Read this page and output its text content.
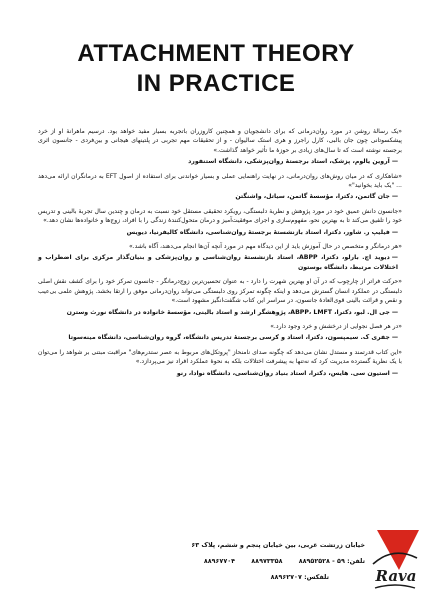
ATTACHMENT THEORY
IN PRACTICE

«یک رسالهٔ روشن در مورد روان‌درمانی که برای دانشجویان و همچنین کاروزران باتجربه بسیار مفید خواهد بود. درسیم ماهرانهٔ او از خرد پیشکسوتانی چون جان بالبی، کارل راجرز و هری استک سالیوان - و از تحقیقات مهم تجربی در پلتینهای هیجانی و بین‌فردی - جانسون اثری برجسته نوشته است که تا سال‌های زیادی بر حوزهٔ ما تأثیر خواهد گذاشت.»

—آروین یالوم، پزشک، استاد برجستهٔ روان‌پزشکی، دانشگاه استنفورد

«شاهکاری که در میان روش‌های روان‌درمانی، در نهایت راهنمایی عملی و بسیار خواندنی برای استفاده از اصول EFT به درمانگران ارائه می‌دهد ... "یک باید بخوانید"»

—جان گاتمن، دکترا، مؤسسهٔ گاتمن، سیاتل، واشنگتن

«جانسون دانش عمیق خود در مورد پژوهش و نظریهٔ دلبستگی، رویکرد تحقیقی مستقل خود نسبت به درمان و چندین سال تجربهٔ بالینی و تدریس خود را تلفیق می‌کند تا به بهترین نحو، مفهوم‌سازی و اجرای موفقیت‌آمیز و درمان متحول‌کنندهٔ زندگی را با افراد، زوج‌ها و خانواده‌ها نشان دهد.»

—فیلیپ ر. شاور، دکترا، استاد بازنشستهٔ برجستهٔ روان‌شناسی، دانشگاه کالیفرنیا، دیویس

«هر درمانگر و متخصص در حال آموزش باید از این دیدگاه مهم در مورد آنچه آن‌ها انجام می‌دهند، آگاه باشد.»

—دیوید اچ. بارلو، دکترا، ABPP، استاد بازنشستهٔ روان‌شناسی و روان‌پزشکی و بنیان‌گذار مرکزی برای اضطراب و اختلالات مرتبط، دانشگاه بوستون

«حرکت فراتر از چارچوب که در آن او بهترین شهرت را دارد - به عنوان تحسین‌ترین زوج‌درمانگر - جانسون تمرکز خود را برای کشف نقش اصلی دلبستگی در عملکرد انسان گسترش می‌دهد و اینکه چگونه تمرکز روی دلبستگی می‌تواند روان‌درمانی موفق را ارتقا بخشد. پژوهش علمی بی‌عیب و نقص و قرائت بالینی قوی‌العادهٔ جانسون، در سراسر این کتاب شگفت‌انگیز مشهود است.»

—جی ال. لبو، دکترا، ABPP، LMFT، پژوهشگر ارشد و استاد بالینی، مؤسسهٔ خانواده در دانشگاه نورث وسترن

«در هر فصل نجوایی از درخشش و خرد وجود دارد.»

—جفری ک. سیمپسون، دکترا، استاد و کرسی برجستهٔ تدریس دانشگاه، گروه روان‌شناسی، دانشگاه مینه‌سوتا

«این کتاب قدرتمند و مستدل نشان می‌دهد که چگونه صدای نامنحاز "پروتکل‌های مربوط به عصر ستدرم‌های" مراقبت مبتنی بر شواهد را می‌توان با یک نظریهٔ گسترده مدیریت کرد که نه‌تنها به پیشرفت اختلالات بلکه به نحوهٔ عملکرد افراد نیز می‌پردازد.»

—استیون سی. هایس، دکترا، استاد بنیاد روان‌شناسی، دانشگاه نوادا، رنو
خیابان زرتشت غربی، بین خیابان پنجم و ششم، پلاک ۶۳
تلفن: ۵۹ - ۸۸۹۵۲۵۲۸ ۸۸۹۷۳۳۵۸ ۸۸۹۶۷۷۰۴
تلفکس: ۸۸۹۶۲۷۰۷	Rava
